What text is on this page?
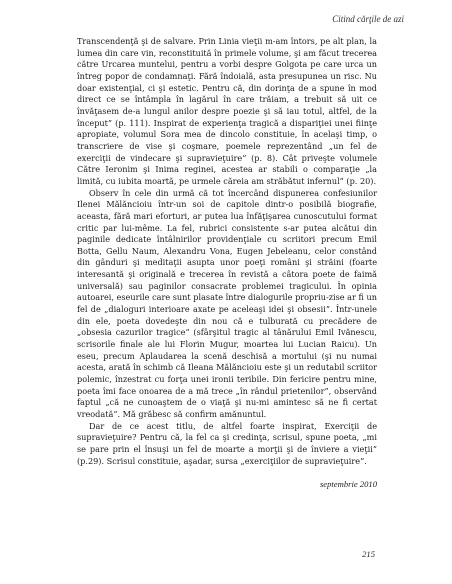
Citind cărţile de azi

Transcendenţă şi de salvare. Prin Linia vieţii m-am întors, pe alt plan, la lumea din care vin, reconstituită în primele volume, şi am făcut trecerea către Urcarea muntelui, pentru a vorbi despre Golgota pe care urca un întreg popor de condamnaţi. Fără îndoială, asta presupunea un risc. Nu doar existenţial, ci şi estetic. Pentru că, din dorinţa de a spune în mod direct ce se întâmpla în lagărul în care trăiam, a trebuit să uit ce învăţasem de-a lungul anilor despre poezie şi să iau totul, altfel, de la început” (p. 111). Inspirat de experienţa tragică a dispariţiei unei fiinţe apropiate, volumul Sora mea de dincolo constituie, în acelaşi timp, o transcriere de vise şi coşmare, poemele reprezentând „un fel de exerciţii de vindecare şi supravieţuire” (p. 8). Cât priveşte volumele Către Ieronim şi Inima reginei, acestea ar stabili o comparaţie „la limită, cu iubita moartă, pe urmele căreia am străbătut infernul” (p. 20).

Observ în cele din urmă că tot încercând dispunerea confesiunilor Ilenei Mălăncioiu într-un soi de capitole dintr-o posibilă biografie, aceasta, fără mari eforturi, ar putea lua înfăţişarea cunoscutului format critic par lui-même. La fel, rubrici consistente s-ar putea alcătui din paginile dedicate întâlnirilor providenţiale cu scriitori precum Emil Botta, Gellu Naum, Alexandru Vona, Eugen Jebeleanu, celor constând din gânduri şi meditaţii asupta unor poeţi români şi străini (foarte interesantă şi originală e trecerea în revistă a câtora poete de faimă universală) sau paginilor consacrate problemei tragicului. În opinia autoarei, eseurile care sunt plasate între dialogurile propriu-zise ar fi un fel de „dialoguri interioare axate pe aceleaşi idei şi obsesii”. Într-unele din ele, poeta dovedeşte din nou că e tulburată cu precădere de „obsesia cazurilor tragice” (sfârşitul tragic al tânărului Emil Ivănescu, scrisorile finale ale lui Florin Mugur, moartea lui Lucian Raicu). Un eseu, precum Aplaudarea la scenă deschisă a mortului (şi nu numai acesta, arată în schimb că Ileana Mălăncioiu este şi un redutabil scriitor polemic, înzestrat cu forţa unei ironii teribile. Din fericire pentru mine, poeta îmi face onoarea de a mă trece „în rândul prietenilor”, observând faptul „că ne cunoaştem de o viaţă şi nu-mi amintesc să ne fi certat vreodată”. Mă grăbesc să confirm amănuntul.

Dar de ce acest titlu, de altfel foarte inspirat, Exerciţii de supravieţuire? Pentru că, la fel ca şi credinţa, scrisul, spune poeta, „mi se pare prin el însuşi un fel de moarte a morţii şi de înviere a vieţii” (p.29). Scrisul constituie, aşadar, sursa „exerciţiilor de supravieţuire”.

septembrie 2010
215
